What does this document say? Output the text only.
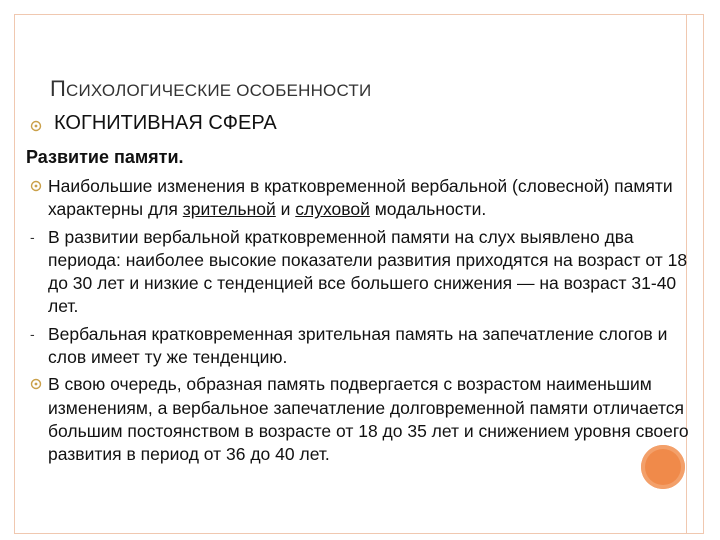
ПСИХОЛОГИЧЕСКИЕ ОСОБЕННОСТИ
КОГНИТИВНАЯ СФЕРА
Развитие памяти.
Наибольшие изменения в кратковременной вербальной (словесной) памяти характерны для зрительной и слуховой модальности.
- В развитии вербальной кратковременной памяти на слух выявлено два периода: наиболее высокие показатели развития приходятся на возраст от 18 до 30 лет и низкие с тенденцией все большего снижения — на возраст 31-40 лет.
- Вербальная кратковременная зрительная память на запечатление слогов и слов имеет ту же тенденцию.
В свою очередь, образная память подвергается с возрастом наименьшим изменениям, а вербальное запечатление долговременной памяти отличается большим постоянством в возрасте от 18 до 35 лет и снижением уровня своего развития в период от 36 до 40 лет.
